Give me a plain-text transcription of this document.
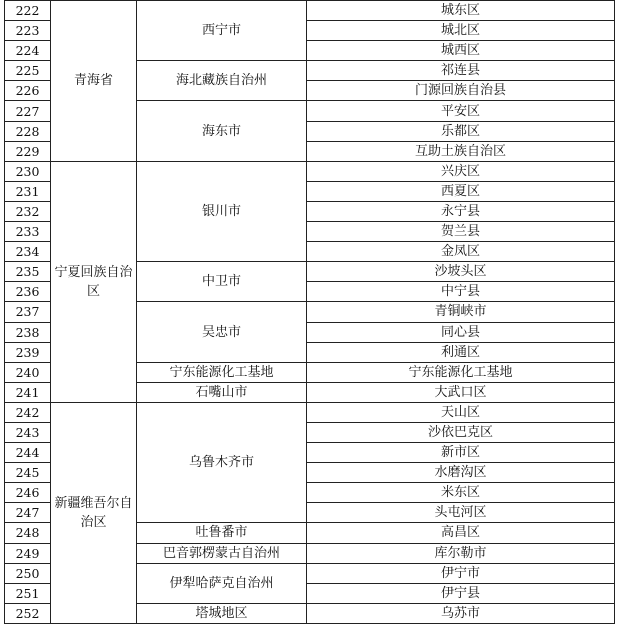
222	青海省	西宁市	城东区
223			城北区
224			城西区
225		海北藏族自治州	祁连县
226			门源回族自治县
227		海东市	平安区
228			乐都区
229			互助土族自治区
230	宁夏回族自治区	银川市	兴庆区
231			西夏区
232			永宁县
233			贺兰县
234			金凤区
235		中卫市	沙坡头区
236			中宁县
237		吴忠市	青铜峡市
238			同心县
239			利通区
240		宁东能源化工基地	宁东能源化工基地
241		石嘴山市	大武口区
242	新疆维吾尔自治区	乌鲁木齐市	天山区
243			沙依巴克区
244			新市区
245			水磨沟区
246			米东区
247			头屯河区
248		吐鲁番市	高昌区
249		巴音郭楞蒙古自治州	库尔勒市
250		伊犁哈萨克自治州	伊宁市
251			伊宁县
252		塔城地区	乌苏市
